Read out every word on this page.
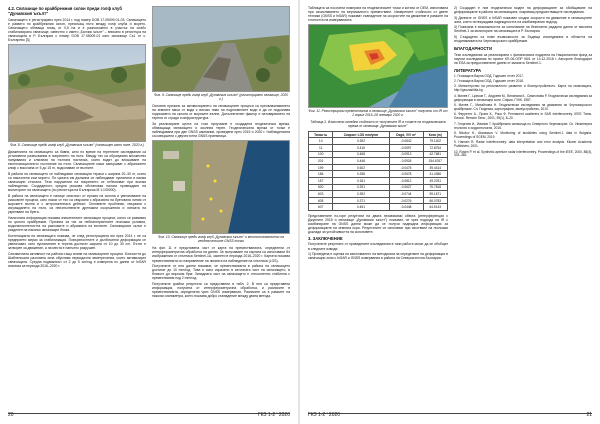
4.2. Свлачище по крайбрежния склон преди голф клуб "Дунавския ъкълт"

Свлачището е регистрирано през 2014 г. под номер DOB 17.05009-01-03. Свлачището е развито по крайбрежния склон, пресичащ пътя между голф клуба и морето. Свлачището обхваща площ от 0,5 ha и е разположено в участък на слабо стабилизирано свлачище, известно с името „Балчик ъкълт" – вписано в регистъра на свлачищата в Р. България с номер DOB 17.05009-01 като свлачище Cs1 от с. Българево [3].

Фиг. 8. Свлачище преди голф клуб „Дунавския ъкълт" (свлачищен кант поле, 2020 г.)

Движенията на свлачището са бавни, като по време на теренните изследвания са установени разкъсвания в покритието на пътя. Между тях са образувани множество напуквания и слягания на пътната настилка, които водят до влошаване на експлоатационното състояние на пътя. Свлачищните маси завършват с абразионен клиф с височина от 5 до 15 m, подкопаван от вълните.

В района на свлачището се наблюдават свлачищни тераси с ширина 20–30 m, които са наклонени към морето. По цялата им дължина се наблюдават пукнатини и малки свлачищни стъпала. Тези нарушения на покритието се отбелязват при всички наблюдения. Създаденото средна рискова обстановка налага провеждане на мониторинг на свлачището (по регистъра на Българска М 1:100000).

В района на свлачището е налице опасност от ерозия на склона и увеличаване на рисковите процеси, като някои от тях са свързани с абразията на бреговата линия от морските вълни и с антропогенната дейност. Основните проблеми, свързани с изграждането на пътя, са неизпълнените дренажни съоръжения и липсата на укрепване на брега.

Наличната информация показва значителните свлачищни процеси, които се развиват по цялото крайбрежие. Причина за тях са неблагоприятните геоложки условия, водонапоситеността на разломите и абразията на вълните. Свлачищният склон е разделен на няколко свлачищни блока.

Костелацията на свлачищата показва, че след регистрацията им през 2014 г. не са предприети мерки за стабилизация. Повърхностните и дълбочинни деформации се увеличават, като пукнатините в терена достигат ширина от 10 до 30 cm. Пътят е затворен за движение, а на места е напълно разрушен.

Сеизмичната активност на района също влияе на свлачищните процеси. Близостта до Шабленската разломна зона обуславя периодични земетресения, които активизират свлачищата. Средна подвижност от 2 до 5 cm/год е измерена по данни от InSAR анализа за периода 2016–2020 г.

Фиг. 9. Свлачище преди голф клуб „Дунавския ъкълт" (регистрирано свлачище, 2020 г.)

Основни причини за активизирането на свлачищните процеси са преовлажняването на земните маси от води с високо ниво на подпочвените води и да се подкопава подножието на склона от морските вълни. Допълнителен фактор е натоварването на терена от сгради и инфраструктура.

За реализиране целта на този проучване е създадена геодезическа мрежа, обхващаща свлачището и околния терен. Геодезическата мрежа от точки е наблюдавана при две GNSS кампании, проведени през 2019 и 2020 г. Наблюденията са извършени с двучестотни GNSS приемници.

Фиг. 10. Свлачище преди голф клуб „Дунавския ъкълт" и местоположението на геодезическите GNSS точки

На фиг. 11 е представена част от карта на преместванията, определени от интерферометрична обработка на данни. За получаване на картата са използвани 84 изображения от спътника Sentinel-1A, заснети в периода 2016–2020 г. Картата показва преместванията по направление на линията на наблюдение на спътника (LOS).

Получените от нея данни показват, че преместванията в района на свлачището достигат до 10 mm/год. Това е ясно изразено в източната част на свлачището, в близост до морския бряг. Западната част на свлачището е относително стабилна с премествания под 2 mm/год.

Получените крайни резултати са представени в табл. 2. В нея са представени информация, получена от интерферометрична обработка, и разликите в преместванията, определени чрез GNSS измервания. Разликите са в рамките на няколко милиметра, което показва добро съвпадение между двата метода.

20	ГКЗ 1-2 ' 2020

Таблицата са посочени номерата на геодезическите точки и котата от DEM, използвана при изчисляването на вертикалното преместване. Измерените стойности от двете техники (GNSS и InSAR) показват съвпадение на скоростите на движение в рамките на точността на измерванията.

Фиг. 11. Регистрирани премествания в свлачище „Дунавския ъкълт" получени от IR от 2 април 2016–28 ноември 2020 г.
Таблица 2. Изчислени линейни стойности от получените IR в точките на геодезическата мрежа от свлачище „Дунавския ъкълт"
Точка №	Скорост LOS mm/year	Dsgd, V/V m²	Кота (m)
10	0.392	-0.0842	79.1402
11	0.416	-0.0597	72.8754
100	0.468	-0.0913	42.7681
201	0.446	-0.0926	154.6767
199	0.602	-0.0475	39.4414
186	0.258	-0.0578	41.4356
157	0.181	-0.0812	49.2031
600	0.291	-0.0627	76.7818
603	0.392	-0.0744	59.1671
605	0.371	-0.0276	66.0783
607	0.451	-0.0448	64.5143

Представените по-горе резултати на двата независими обекта (интерференция с Джунлинг 2015 и свлачище „Дунавския ъкълт") показват, че чрез подхода на IR с комбиниране на GNSS данни може да се получи надеждна информация за деформациите на земната кора. Резултатите се използват при изготвяне на геоложки доклади за устойчивостта на склоновете.

3. ЗАКЛЮЧЕНИЕ

Получените резултати от проведените изследвания в тази работа могат да се обобщят в следните изводи:

1) Проведена е оценка на използването на методиката за определяне на деформации в свлачищни зони с InSAR и GNSS измервания в района на Североизточна България.

2) Създаден е нов геодезически модел на деформациите за обобщаване на деформациите в района на свлачищата, покриващ предшестващите изследвания.

3) Данните от GNSS и InSAR показват сходни скорости на движение в свлачищните зони, което потвърждава надеждността на комбинирания подход.

4) Показана е възможността за използване на безплатни радарни данни от мисията Sentinel-1 за мониторинг на свлачищата в Р. България.

5) Създадени са нови възможности за бъдещи изследвания в областта на геодинамиката на Черноморското крайбрежие.

БЛАГОДАРНОСТИ

Тези изследвания са реализирани с финансовата подкрепа на Националния фонд за научни изследвания по проект КП-06-ОПР 06/1 от 14.12.2018 г. Авторите благодарят на ESA за предоставените данни от мисията Sentinel-1.

ЛИТЕРАТУРА

1. Геозащита Варна ООД. Годишен отчет 2017.

2. Геозащита Варна ООД. Годишен отчет 2018.

3. Министерство на регионалното развитие и благоустройството. Карта на свлачищата, http://geozashtita.bg

4. Милев Г., Цонков Т., Андреев М., Велинова К., Симеонова Р. Геодезически изследвания за деформации в свлачищни зони. София, ГУКК, 1987.

5. Милев Г., Михайлова Н. Геодезически изследвания на движения по Черноморското крайбрежие. Сп. Геодезия, картография, земеустройство, 2010.

6. Ферретти А., Прати К., Рока Ф. Permanent scatterers in SAR interferometry. IEEE Trans. Geosci. Remote Sens., 2001, 39(1), 8–20.

7. Георгиев И., Иванов Т. Крайбрежни свлачища по Северното Черноморие. Сп. Инженерна геология и хидрогеология, 2015.

8. Nikolov H., Atanassov V. Monitoring of landslides using Sentinel-1 data in Bulgaria. Proceedings of SGEM, 2019.

9. Hansen R. Radar interferometry: data interpretation and error analysis. Kluwer Academic Publishers, 2001.

10. Rosen P. et al. Synthetic aperture radar interferometry. Proceedings of the IEEE, 2000, 88(3), 333–382.

ГКЗ 1-2 ' 2020	21
